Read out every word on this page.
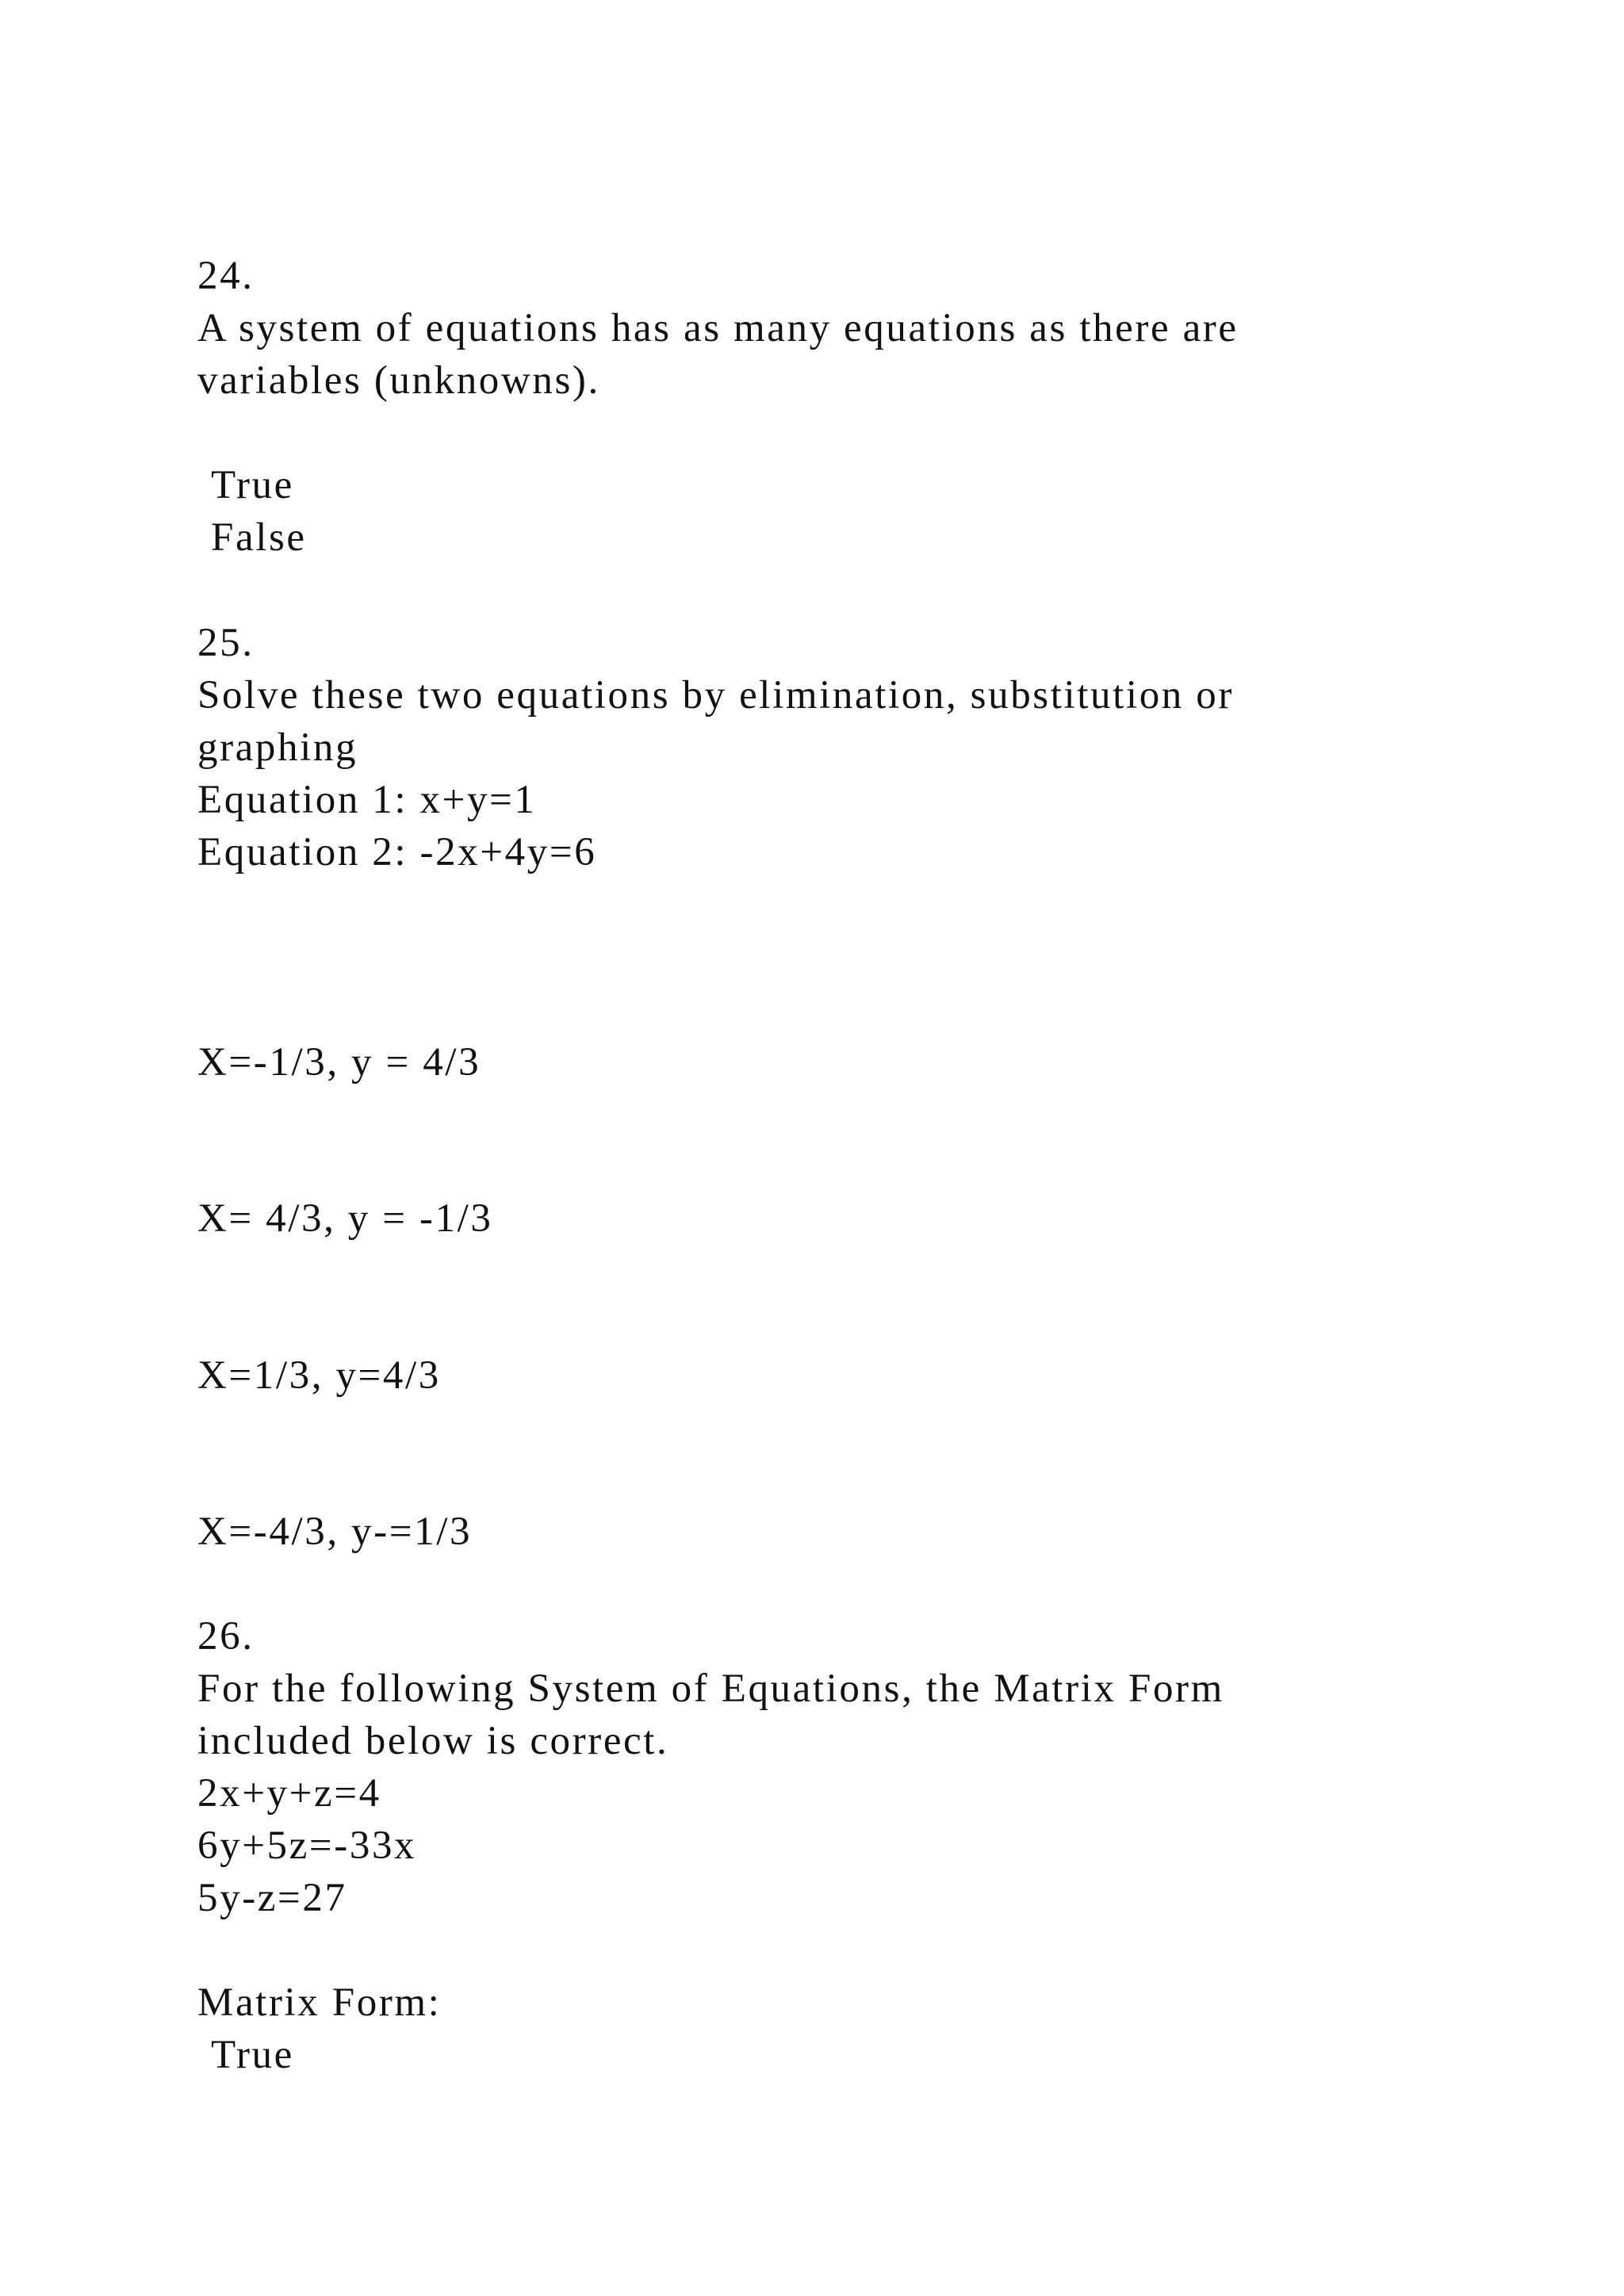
24.
A system of equations has as many equations as there are
variables (unknowns).
True
False
25.
Solve these two equations by elimination, substitution or
graphing
Equation 1: x+y=1
Equation 2: -2x+4y=6
X=-1/3, y = 4/3
X= 4/3, y = -1/3
X=1/3, y=4/3
X=-4/3, y-=1/3
26.
For the following System of Equations, the Matrix Form
included below is correct.
2x+y+z=4
6y+5z=-33x
5y-z=27
Matrix Form:
True
